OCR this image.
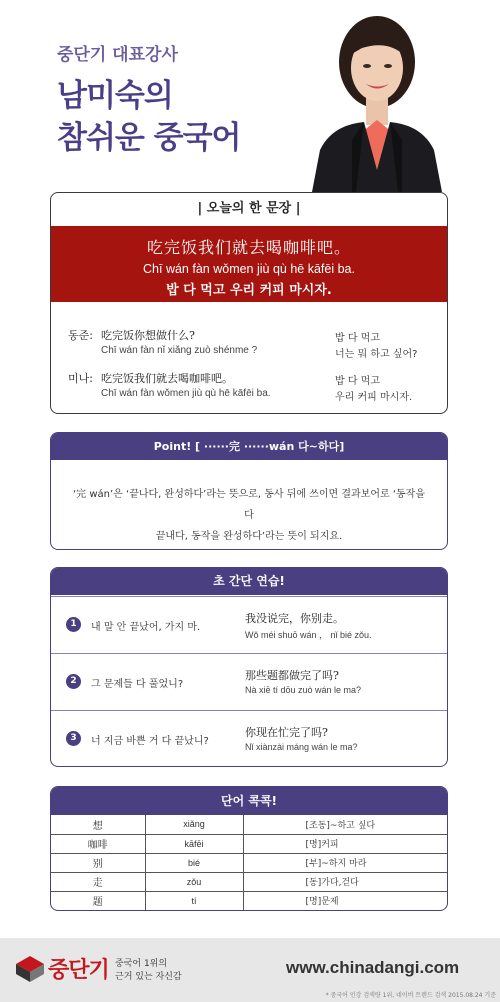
중단기 대표강사
남미숙의
참쉬운 중국어
| 오늘의 한 문장 |
吃完饭我们就去喝咖啡吧。
Chī wán fàn wǒmen jiù qù hē kāfēi ba.
밥 다 먹고 우리 커피 마시자.
동준: 吃完饭你想做什么?
Chī wán fàn nǐ xiǎng zuò shénme ?
밥 다 먹고
너는 뭐 하고 싶어?
미나: 吃完饭我们就去喝咖啡吧。
Chī wán fàn wǒmen jiù qù hē kāfēi ba.
밥 다 먹고
우리 커피 마시자.
Point! [ ······完 ······wán 다~하다]
‘完 wán’은 ‘끝나다, 완성하다’라는 뜻으로, 동사 뒤에 쓰이면 결과보어로 ‘동작을 다
끝내다, 동작을 완성하다’라는 뜻이 되지요.
초 간단 연습!
1	내 말 안 끝났어, 가지 마.
我没说完，你别走。
Wǒ méi shuō wán ， nǐ bié zǒu.
2	그 문제들 다 풀었니?
那些题都做完了吗?
Nà xiē tí dōu zuò wán le ma?
3	너 지금 바쁜 거 다 끝났니?
你现在忙完了吗?
Nǐ xiànzài máng wán le ma?
단어 콕콕!
想	xiǎng	[조동]~하고 싶다
咖啡	kāfēi	[명]커피
别	bié	[부]~하지 마라
走	zǒu	[동]가다,걷다
题	tí	[명]문제
중단기 중국어 1위의
근거 있는 자신감	www.chinadangi.com
* 중국어 인강 검색량 1위, 네이버 트렌드 검색 2015.08.24 기준
